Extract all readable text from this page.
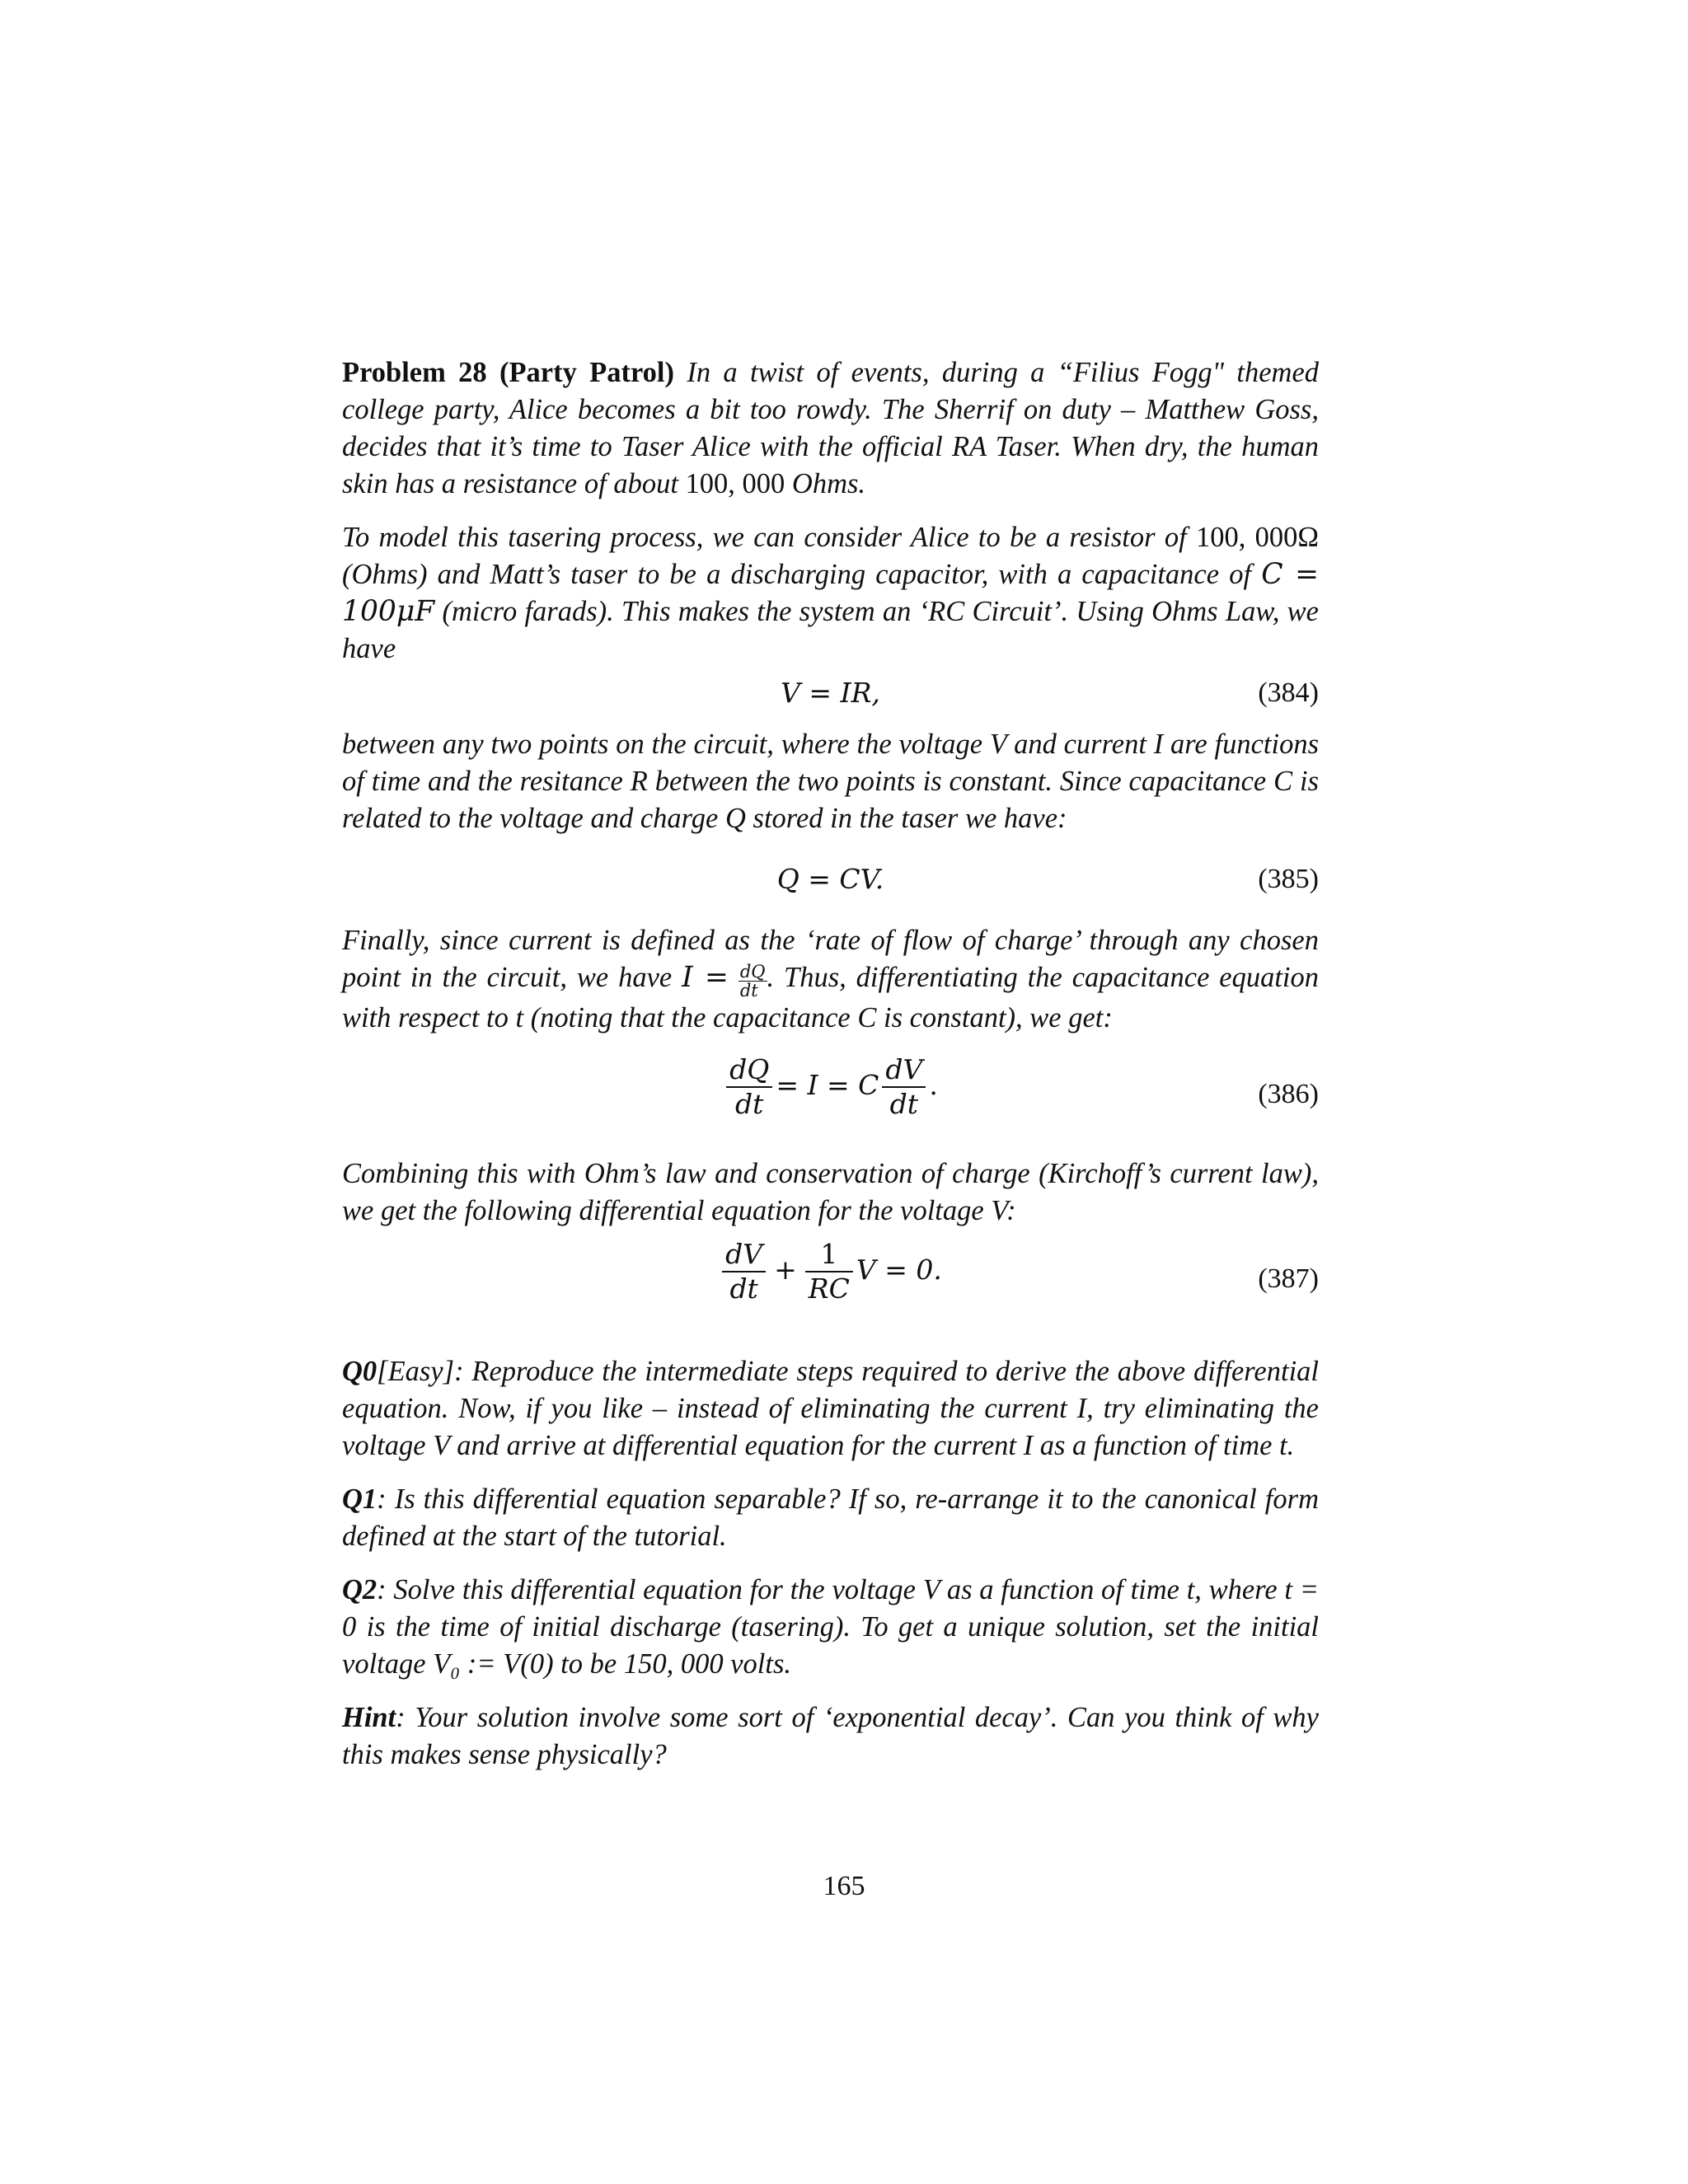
Problem 28 (Party Patrol) In a twist of events, during a “Filius Fogg" themed college party, Alice becomes a bit too rowdy. The Sherrif on duty – Matthew Goss, decides that it’s time to Taser Alice with the official RA Taser. When dry, the human skin has a resistance of about 100, 000 Ohms.

To model this tasering process, we can consider Alice to be a resistor of 100, 000Ω (Ohms) and Matt’s taser to be a discharging capacitor, with a capacitance of C = 100μF (micro farads). This makes the system an ‘RC Circuit’. Using Ohms Law, we have

V = IR,	(384)

between any two points on the circuit, where the voltage V and current I are functions of time and the resitance R between the two points is constant. Since capacitance C is related to the voltage and charge Q stored in the taser we have:

Q = CV.	(385)

Finally, since current is defined as the ‘rate of flow of charge’ through any chosen point in the circuit, we have $I = \frac{dQ}{dt}$ . Thus, differentiating the capacitance equation with respect to t (noting that the capacitance C is constant), we get:

$\frac{dQ}{dt} = I = C \frac{dV}{dt}$ .	(386)

Combining this with Ohm’s law and conservation of charge (Kirchoff’s current law), we get the following differential equation for the voltage V:

$\frac{dV}{dt} + \frac{1}{RC}$ V = 0.	(387)

Q0[Easy]: Reproduce the intermediate steps required to derive the above differential equation. Now, if you like – instead of eliminating the current I, try eliminating the voltage V and arrive at differential equation for the current I as a function of time t.

Q1: Is this differential equation separable? If so, re-arrange it to the canonical form defined at the start of the tutorial.

Q2: Solve this differential equation for the voltage V as a function of time t, where t = 0 is the time of initial discharge (tasering). To get a unique solution, set the initial voltage V₀ := V(0) to be 150, 000 volts.

Hint: Your solution involve some sort of ‘exponential decay’. Can you think of why this makes sense physically?

165
